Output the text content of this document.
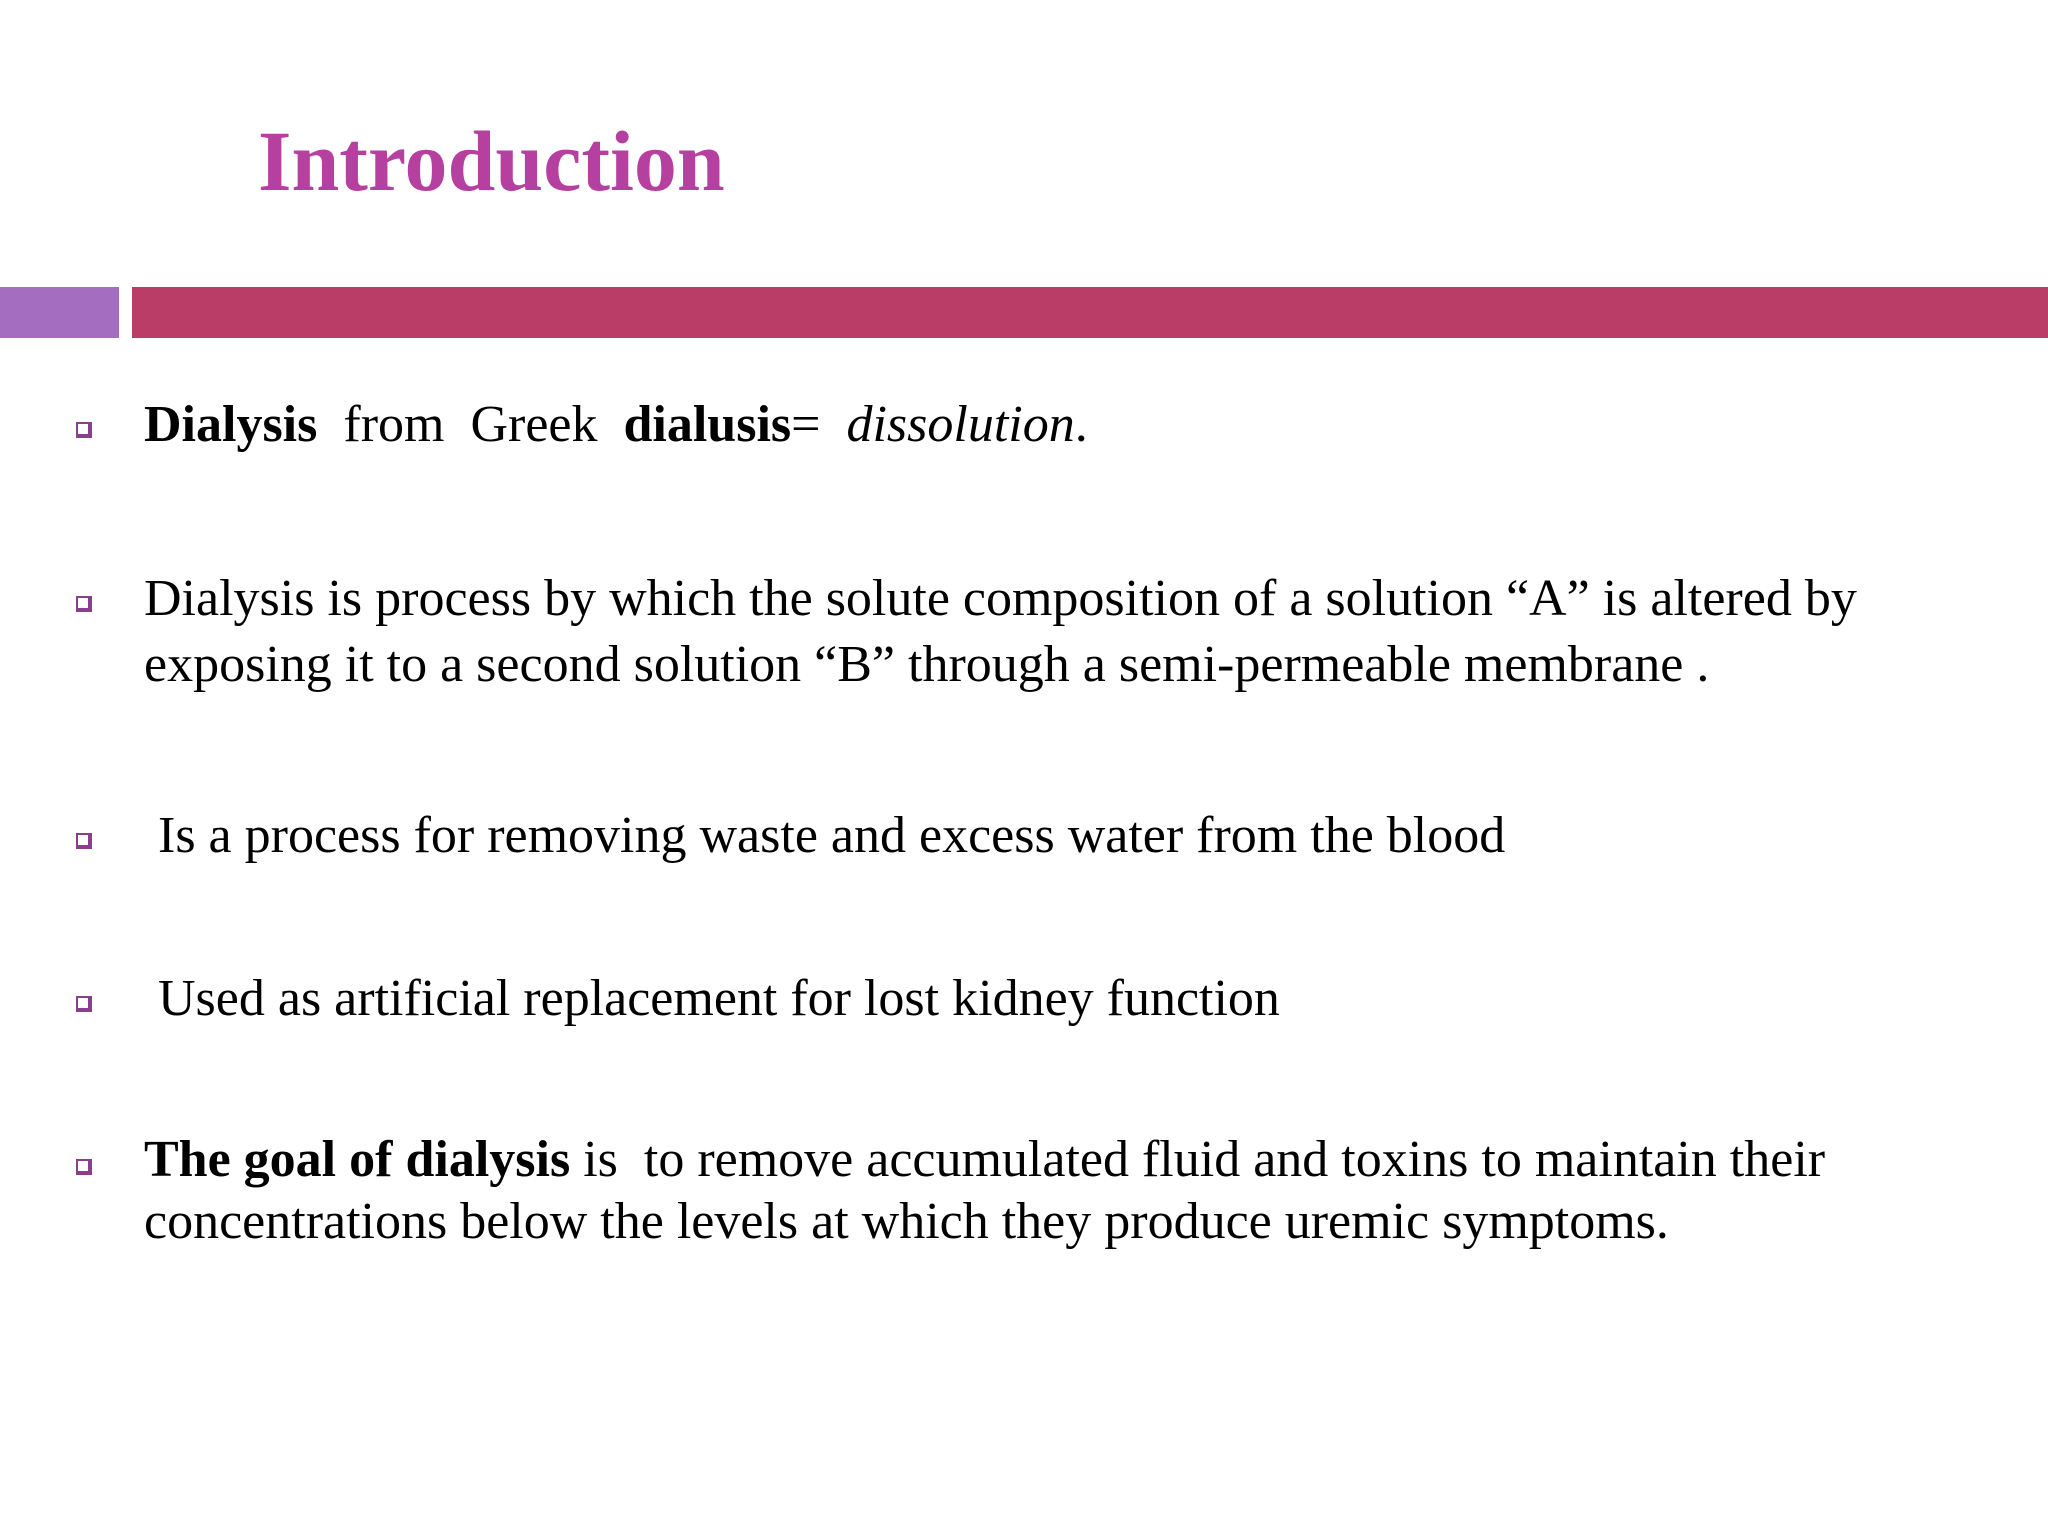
Introduction
Dialysis from  Greek dialusis= dissolution.
Dialysis is process by which the solute composition of a solution “A” is altered by
exposing it to a second solution “B” through a semi-permeable membrane .
Is a process for removing waste and excess water from the blood
Used as artificial replacement for lost kidney function
The goal of dialysis is  to remove accumulated fluid and toxins to maintain their
concentrations below the levels at which they produce uremic symptoms.
